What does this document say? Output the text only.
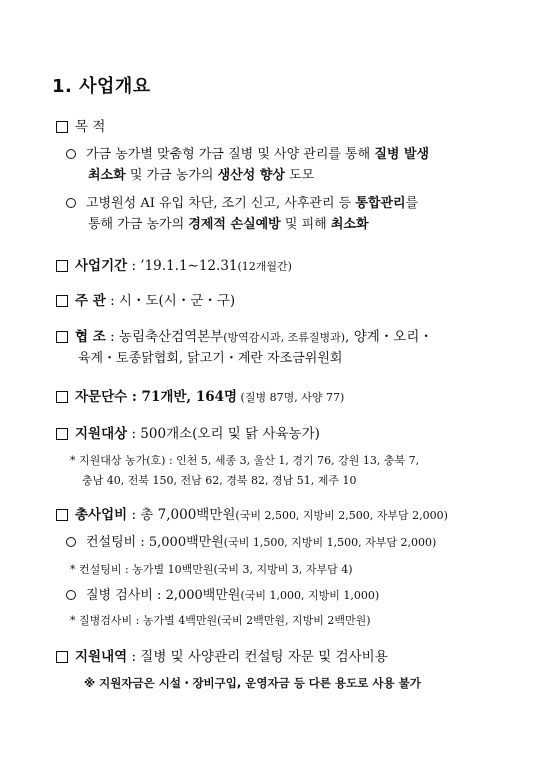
1. 사업개요
목 적
가금 농가별 맞춤형 가금 질병 및 사양 관리를 통해 질병 발생
최소화 및 가금 농가의 생산성 향상 도모
고병원성 AI 유입 차단, 조기 신고, 사후관리 등 통합관리를
통해 가금 농가의 경제적 손실예방 및 피해 최소화
사업기간 : ’19.1.1∼12.31(12개월간)
주 관 : 시・도(시・군・구)
협 조 : 농림축산검역본부(방역감시과, 조류질병과), 양계・오리・
육계・토종닭협회, 닭고기・계란 자조금위원회
자문단수 : 71개반, 164명 (질병 87명, 사양 77)
지원대상 : 500개소(오리 및 닭 사육농가)
* 지원대상 농가(호) : 인천 5, 세종 3, 울산 1, 경기 76, 강원 13, 충북 7,
충남 40, 전북 150, 전남 62, 경북 82, 경남 51, 제주 10
총사업비 : 총 7,000백만원(국비 2,500, 지방비 2,500, 자부담 2,000)
컨설팅비 : 5,000백만원(국비 1,500, 지방비 1,500, 자부담 2,000)
* 컨설팅비 : 농가별 10백만원(국비 3, 지방비 3, 자부담 4)
질병 검사비 : 2,000백만원(국비 1,000, 지방비 1,000)
* 질병검사비 : 농가별 4백만원(국비 2백만원, 지방비 2백만원)
지원내역 : 질병 및 사양관리 컨설팅 자문 및 검사비용
※ 지원자금은 시설・장비구입, 운영자금 등 다른 용도로 사용 불가
